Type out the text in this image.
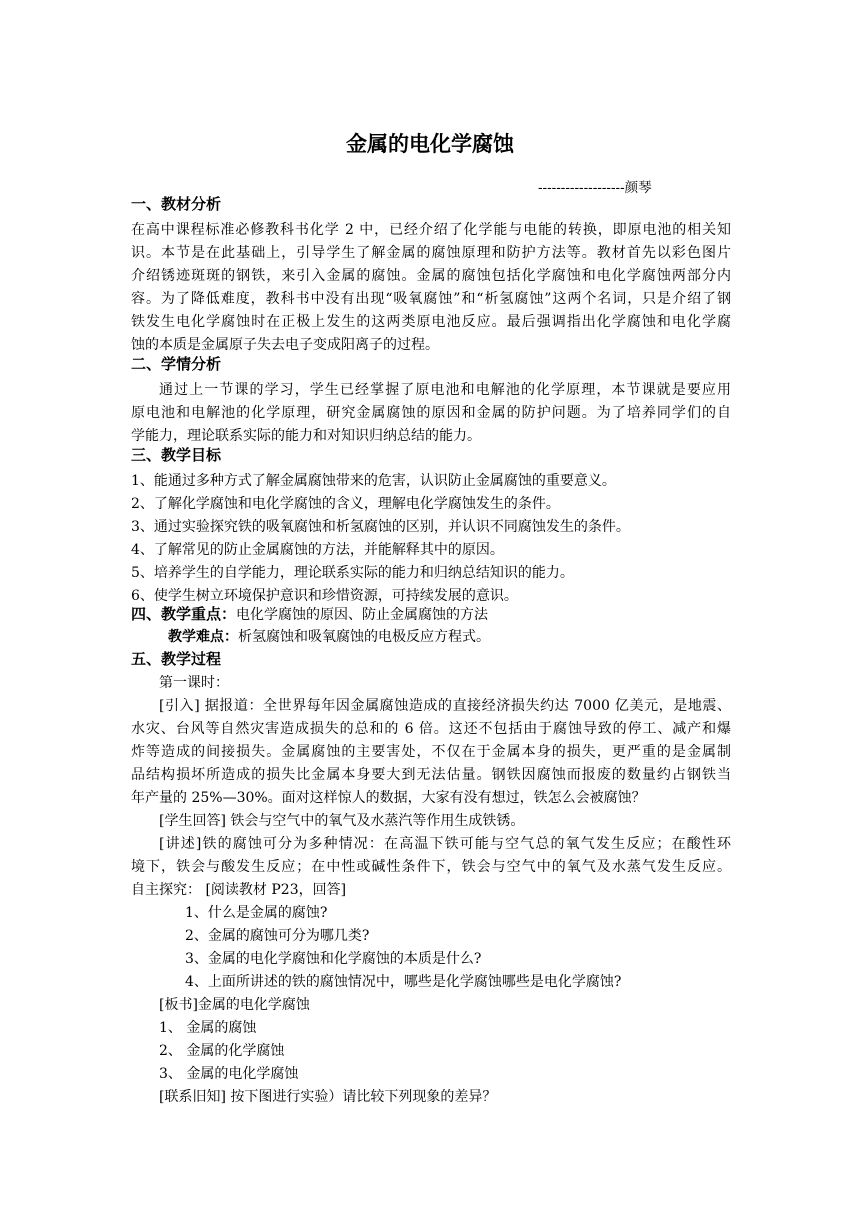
金属的电化学腐蚀
-------------------颜琴
一、教材分析
在高中课程标准必修教科书化学 2 中，已经介绍了化学能与电能的转换，即原电池的相关知
识。本节是在此基础上，引导学生了解金属的腐蚀原理和防护方法等。教材首先以彩色图片
介绍锈迹斑斑的钢铁，来引入金属的腐蚀。金属的腐蚀包括化学腐蚀和电化学腐蚀两部分内
容。为了降低难度，教科书中没有出现“吸氧腐蚀”和“析氢腐蚀”这两个名词，只是介绍了钢
铁发生电化学腐蚀时在正极上发生的这两类原电池反应。最后强调指出化学腐蚀和电化学腐
蚀的本质是金属原子失去电子变成阳离子的过程。
二、学情分析
通过上一节课的学习，学生已经掌握了原电池和电解池的化学原理，本节课就是要应用
原电池和电解池的化学原理，研究金属腐蚀的原因和金属的防护问题。为了培养同学们的自
学能力，理论联系实际的能力和对知识归纳总结的能力。
三、教学目标
1、能通过多种方式了解金属腐蚀带来的危害，认识防止金属腐蚀的重要意义。
2、了解化学腐蚀和电化学腐蚀的含义，理解电化学腐蚀发生的条件。
3、通过实验探究铁的吸氧腐蚀和析氢腐蚀的区别，并认识不同腐蚀发生的条件。
4、了解常见的防止金属腐蚀的方法，并能解释其中的原因。
5、培养学生的自学能力，理论联系实际的能力和归纳总结知识的能力。
6、使学生树立环境保护意识和珍惜资源，可持续发展的意识。
四、教学重点：电化学腐蚀的原因、防止金属腐蚀的方法
教学难点：析氢腐蚀和吸氧腐蚀的电极反应方程式。
五、教学过程
第一课时：
[引入] 据报道：全世界每年因金属腐蚀造成的直接经济损失约达 7000 亿美元，是地震、
水灾、台风等自然灾害造成损失的总和的 6 倍。这还不包括由于腐蚀导致的停工、减产和爆
炸等造成的间接损失。金属腐蚀的主要害处，不仅在于金属本身的损失，更严重的是金属制
品结构损坏所造成的损失比金属本身要大到无法估量。钢铁因腐蚀而报废的数量约占钢铁当
年产量的 25%—30%。面对这样惊人的数据，大家有没有想过，铁怎么会被腐蚀？
[学生回答] 铁会与空气中的氧气及水蒸汽等作用生成铁锈。
[讲述]铁的腐蚀可分为多种情况：在高温下铁可能与空气总的氧气发生反应；在酸性环
境下，铁会与酸发生反应；在中性或碱性条件下，铁会与空气中的氧气及水蒸气发生反应。
自主探究： [阅读教材 P23，回答]
1、什么是金属的腐蚀?
2、金属的腐蚀可分为哪几类?
3、金属的电化学腐蚀和化学腐蚀的本质是什么?
4、上面所讲述的铁的腐蚀情况中，哪些是化学腐蚀哪些是电化学腐蚀?
[板书]金属的电化学腐蚀
1、 金属的腐蚀
2、 金属的化学腐蚀
3、 金属的电化学腐蚀
[联系旧知] 按下图进行实验）请比较下列现象的差异？
